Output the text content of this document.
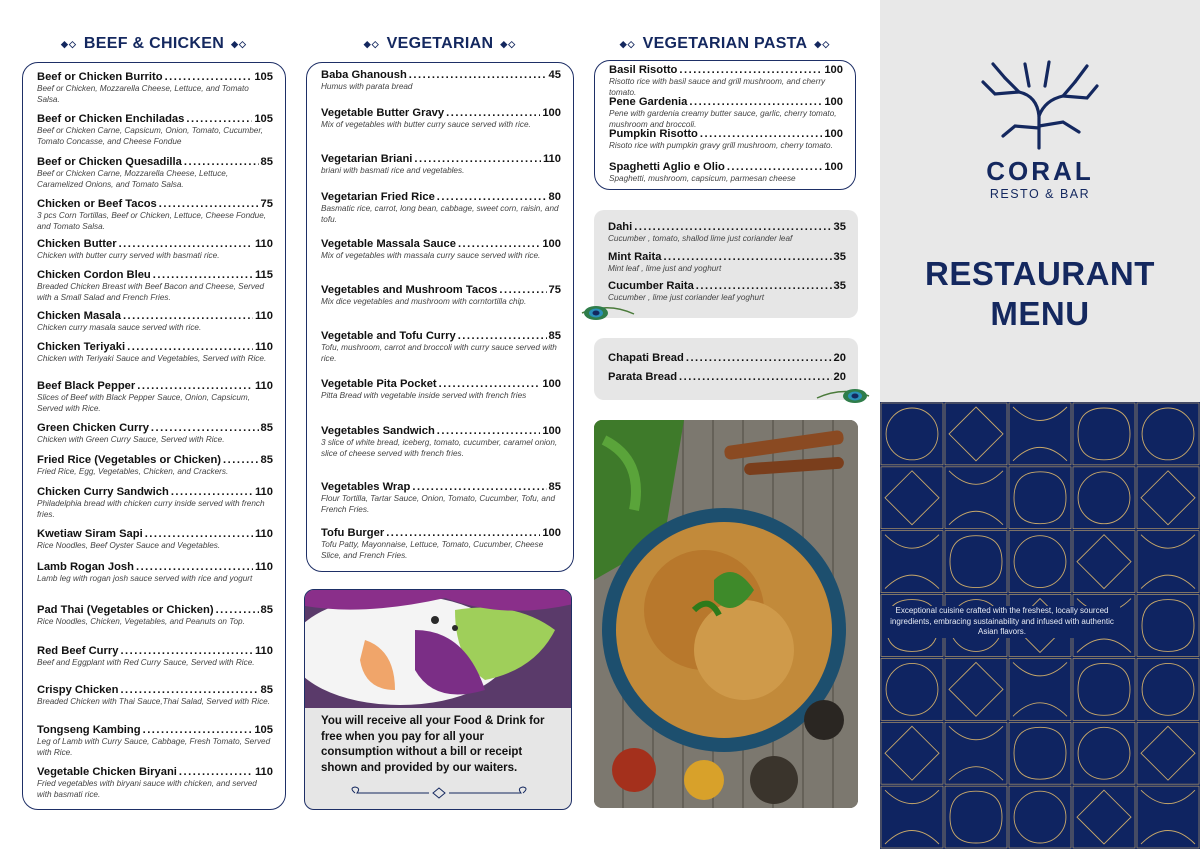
◆◇ BEEF & CHICKEN ◆◇	◆◇ VEGETARIAN ◆◇	◆◇ VEGETARIAN PASTA ◆◇
Beef or Chicken Burrito .....	105
Beef or Chicken, Mozzarella Cheese, Lettuce, and Tomato Salsa.
Beef or Chicken Enchiladas .....	105
Beef or Chicken Carne, Capsicum, Onion, Tomato, Cucumber, Tomato Concasse, and Cheese Fondue
Beef or Chicken Quesadilla .....	85
Beef or Chicken Carne, Mozzarella Cheese, Lettuce, Caramelized Onions, and Tomato Salsa.
Chicken or Beef Tacos .....	75
3 pcs Corn Tortillas, Beef or Chicken, Lettuce, Cheese Fondue, and Tomato Salsa.
Chicken Butter .....	110
Chicken with butter curry served with basmati rice.
Chicken Cordon Bleu .....	115
Breaded Chicken Breast with Beef Bacon and Cheese, Served with a Small Salad and French Fries.
Chicken Masala .....	110
Chicken curry masala sauce served with rice.
Chicken Teriyaki .....	110
Chicken with Teriyaki Sauce and Vegetables, Served with Rice.
Beef Black Pepper .....	110
Slices of Beef with Black Pepper Sauce, Onion, Capsicum, Served with Rice.
Green Chicken Curry .....	85
Chicken with Green Curry Sauce, Served with Rice.
Fried Rice (Vegetables or Chicken) .....	85
Fried Rice, Egg, Vegetables, Chicken, and Crackers.
Chicken Curry Sandwich .....	110
Philadelphia bread with chicken curry inside served with french fries.
Kwetiaw Siram Sapi .....	110
Rice Noodles, Beef Oyster Sauce and Vegetables.
Lamb Rogan Josh .....	110
Lamb leg with rogan josh sauce served with rice and yogurt
Pad Thai (Vegetables or Chicken) .....	85
Rice Noodles, Chicken, Vegetables, and Peanuts on Top.
Red Beef Curry .....	110
Beef and Eggplant with Red Curry Sauce, Served with Rice.
Crispy Chicken .....	85
Breaded Chicken with Thai Sauce,Thai Salad, Served with Rice.
Tongseng Kambing .....	105
Leg of Lamb with Curry Sauce, Cabbage, Fresh Tomato, Served with Rice.
Vegetable Chicken Biryani .....	110
Fried vegetables with biryani sauce with chicken, and served with basmati rice.
Baba Ghanoush .....	45
Humus with parata bread
Vegetable Butter Gravy .....	100
Mix of vegetables with butter curry sauce served with rice.
Vegetarian Briani .....	110
briani with basmati rice and vegetables.
Vegetarian Fried Rice .....	80
Basmatic rice, carrot, long bean, cabbage, sweet corn, raisin, and tofu.
Vegetable Massala Sauce .....	100
Mix of vegetables with massala curry sauce served with rice.
Vegetables and Mushroom Tacos .....	75
Mix dice vegetables and mushroom with corntortilla chip.
Vegetable and Tofu Curry .....	85
Tofu, mushroom, carrot and broccoli with curry sauce served with rice.
Vegetable Pita Pocket .....	100
Pitta Bread with vegetable inside served with french fries
Vegetables Sandwich .....	100
3 slice of white bread, iceberg, tomato, cucumber, caramel onion, slice of cheese served with french fries.
Vegetables Wrap .....	85
Flour Tortilla, Tartar Sauce, Onion, Tomato, Cucumber, Tofu, and French Fries.
Tofu Burger .....	100
Tofu Patty, Mayonnaise, Lettuce, Tomato, Cucumber, Cheese Slice, and French Fries.
Basil Risotto .....	100
Risotto rice with basil sauce and grill mushroom, and cherry tomato.
Pene Gardenia .....	100
Pene with gardenia creamy butter sauce, garlic, cherry tomato, mushroom and broccoli.
Pumpkin Risotto .....	100
Risoto rice with pumpkin gravy grill mushroom, cherry tomato.
Spaghetti Aglio e Olio .....	100
Spaghetti, mushroom, capsicum, parmesan cheese
Dahi .....	35
Cucumber , tomato, shallod lime just coriander leaf
Mint Raita .....	35
Mint leaf , lime just and yoghurt
Cucumber Raita .....	35
Cucumber , lime just coriander leaf yoghurt
Chapati Bread .....	20
Parata Bread .....	20
You will receive all your Food & Drink for free when you pay for all your consumption without a bill or receipt shown and provided by our waiters.
CORAL
RESTO & BAR
RESTAURANT
MENU
Exceptional cuisine crafted with the freshest, locally sourced ingredients, embracing sustainability and infused with authentic Asian flavors.
